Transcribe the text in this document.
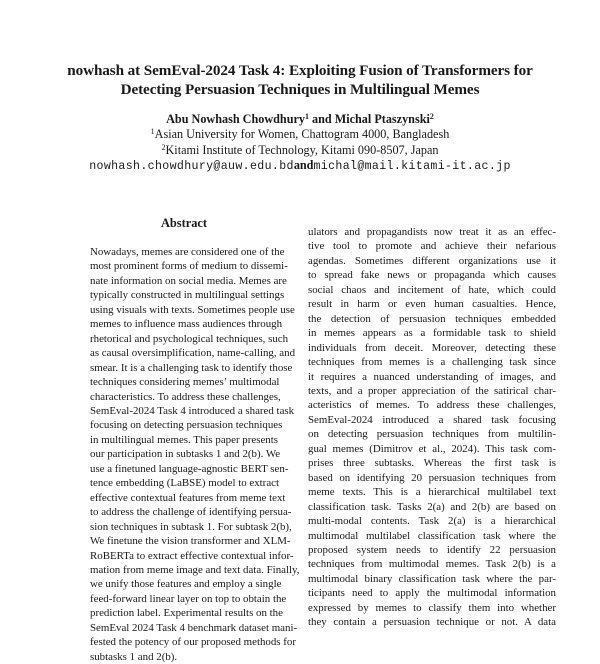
nowhash at SemEval-2024 Task 4: Exploiting Fusion of Transformers for
Detecting Persuasion Techniques in Multilingual Memes
Abu Nowhash Chowdhury$^1$ and Michal Ptaszynski$^2$
$^1$Asian University for Women, Chattogram 4000, Bangladesh
$^2$Kitami Institute of Technology, Kitami 090-8507, Japan
nowhash.chowdhury@auw.edu.bdandmichal@mail.kitami-it.ac.jp
Abstract
Nowadays, memes are considered one of the
most prominent forms of medium to dissemi-
nate information on social media. Memes are
typically constructed in multilingual settings
using visuals with texts. Sometimes people use
memes to influence mass audiences through
rhetorical and psychological techniques, such
as causal oversimplification, name-calling, and
smear. It is a challenging task to identify those
techniques considering memes’ multimodal
characteristics. To address these challenges,
SemEval-2024 Task 4 introduced a shared task
focusing on detecting persuasion techniques
in multilingual memes. This paper presents
our participation in subtasks 1 and 2(b). We
use a finetuned language-agnostic BERT sen-
tence embedding (LaBSE) model to extract
effective contextual features from meme text
to address the challenge of identifying persua-
sion techniques in subtask 1. For subtask 2(b),
We finetune the vision transformer and XLM-
RoBERTa to extract effective contextual infor-
mation from meme image and text data. Finally,
we unify those features and employ a single
feed-forward linear layer on top to obtain the
prediction label. Experimental results on the
SemEval 2024 Task 4 benchmark dataset mani-
fested the potency of our proposed methods for
subtasks 1 and 2(b).
ulators and propagandists now treat it as an effec-
tive tool to promote and achieve their nefarious
agendas. Sometimes different organizations use it
to spread fake news or propaganda which causes
social chaos and incitement of hate, which could
result in harm or even human casualties. Hence,
the detection of persuasion techniques embedded
in memes appears as a formidable task to shield
individuals from deceit. Moreover, detecting these
techniques from memes is a challenging task since
it requires a nuanced understanding of images, and
texts, and a proper appreciation of the satirical char-
acteristics of memes. To address these challenges,
SemEval-2024 introduced a shared task focusing
on detecting persuasion techniques from multilin-
gual memes (Dimitrov et al., 2024). This task com-
prises three subtasks. Whereas the first task is
based on identifying 20 persuasion techniques from
meme texts. This is a hierarchical multilabel text
classification task. Tasks 2(a) and 2(b) are based on
multi-modal contents. Task 2(a) is a hierarchical
multimodal multilabel classification task where the
proposed system needs to identify 22 persuasion
techniques from multimodal memes. Task 2(b) is a
multimodal binary classification task where the par-
ticipants need to apply the multimodal information
expressed by memes to classify them into whether
they contain a persuasion technique or not. A data
